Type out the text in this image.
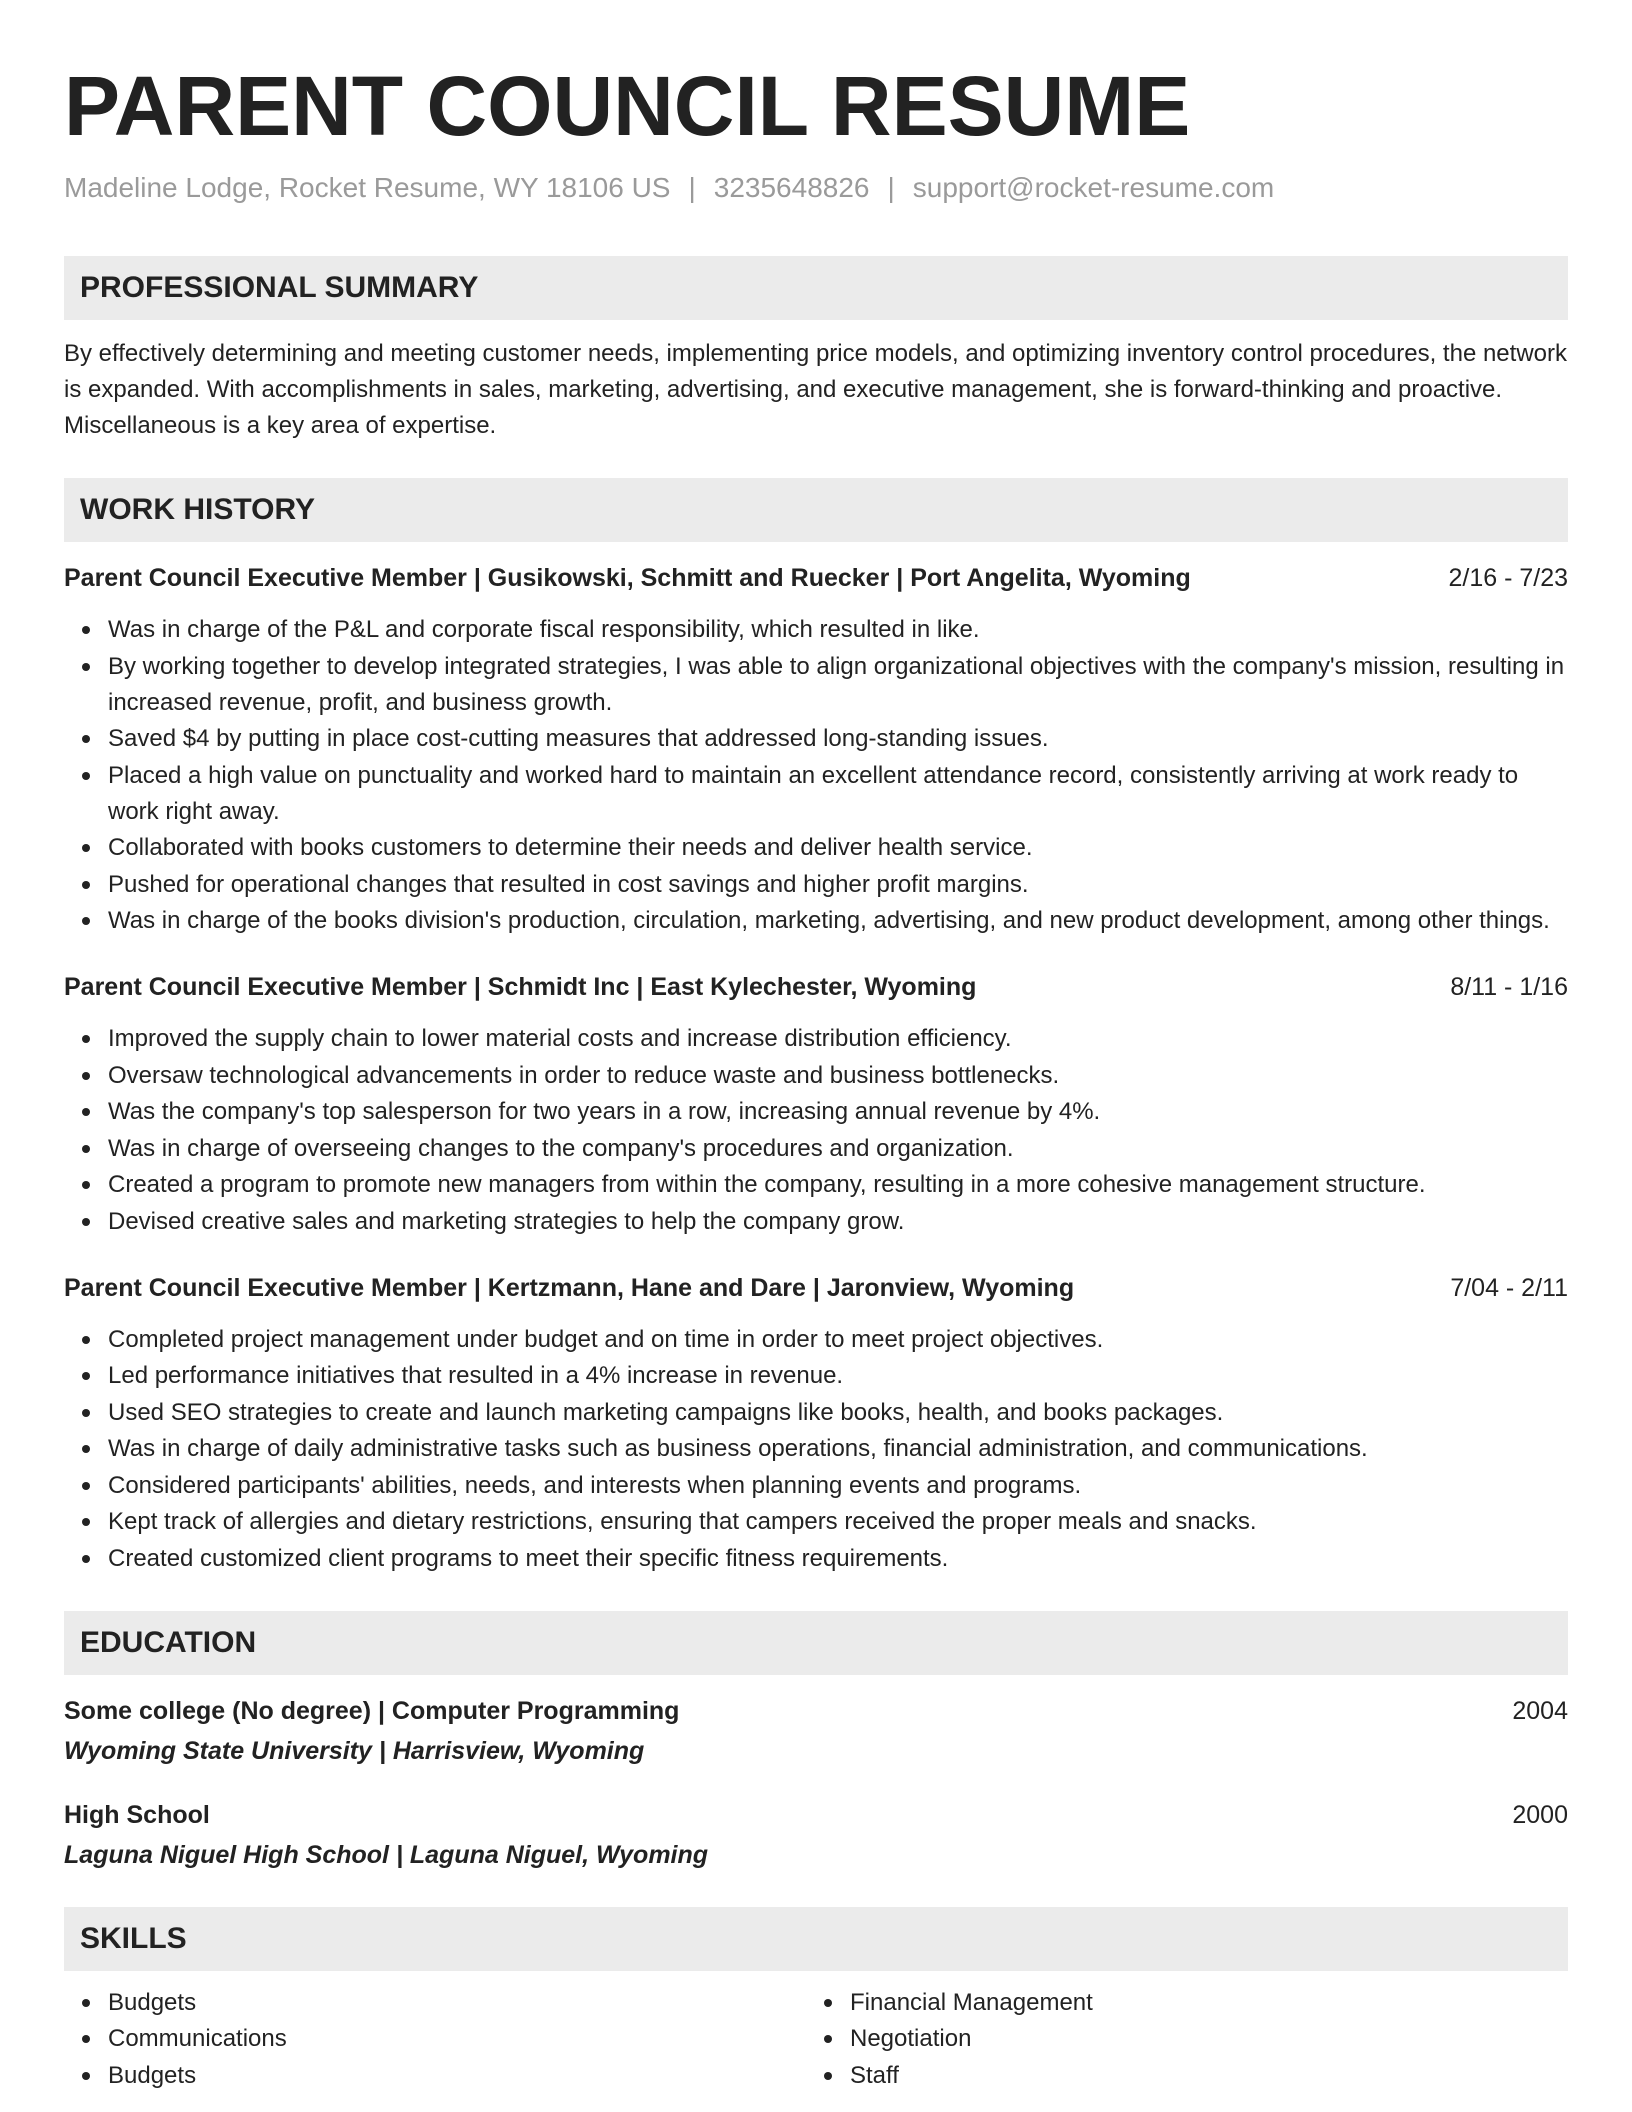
PARENT COUNCIL RESUME
Madeline Lodge, Rocket Resume, WY 18106 US | 3235648826 | support@rocket-resume.com
PROFESSIONAL SUMMARY
By effectively determining and meeting customer needs, implementing price models, and optimizing inventory control procedures, the network is expanded. With accomplishments in sales, marketing, advertising, and executive management, she is forward-thinking and proactive. Miscellaneous is a key area of expertise.
WORK HISTORY
Parent Council Executive Member | Gusikowski, Schmitt and Ruecker | Port Angelita, Wyoming	2/16 - 7/23
Was in charge of the P&L and corporate fiscal responsibility, which resulted in like.
By working together to develop integrated strategies, I was able to align organizational objectives with the company's mission, resulting in increased revenue, profit, and business growth.
Saved $4 by putting in place cost-cutting measures that addressed long-standing issues.
Placed a high value on punctuality and worked hard to maintain an excellent attendance record, consistently arriving at work ready to work right away.
Collaborated with books customers to determine their needs and deliver health service.
Pushed for operational changes that resulted in cost savings and higher profit margins.
Was in charge of the books division's production, circulation, marketing, advertising, and new product development, among other things.
Parent Council Executive Member | Schmidt Inc | East Kylechester, Wyoming	8/11 - 1/16
Improved the supply chain to lower material costs and increase distribution efficiency.
Oversaw technological advancements in order to reduce waste and business bottlenecks.
Was the company's top salesperson for two years in a row, increasing annual revenue by 4%.
Was in charge of overseeing changes to the company's procedures and organization.
Created a program to promote new managers from within the company, resulting in a more cohesive management structure.
Devised creative sales and marketing strategies to help the company grow.
Parent Council Executive Member | Kertzmann, Hane and Dare | Jaronview, Wyoming	7/04 - 2/11
Completed project management under budget and on time in order to meet project objectives.
Led performance initiatives that resulted in a 4% increase in revenue.
Used SEO strategies to create and launch marketing campaigns like books, health, and books packages.
Was in charge of daily administrative tasks such as business operations, financial administration, and communications.
Considered participants' abilities, needs, and interests when planning events and programs.
Kept track of allergies and dietary restrictions, ensuring that campers received the proper meals and snacks.
Created customized client programs to meet their specific fitness requirements.
EDUCATION
Some college (No degree) | Computer Programming	2004
Wyoming State University | Harrisview, Wyoming
High School	2000
Laguna Niguel High School | Laguna Niguel, Wyoming
SKILLS
Budgets
Communications
Budgets
Financial Management
Negotiation
Staff
